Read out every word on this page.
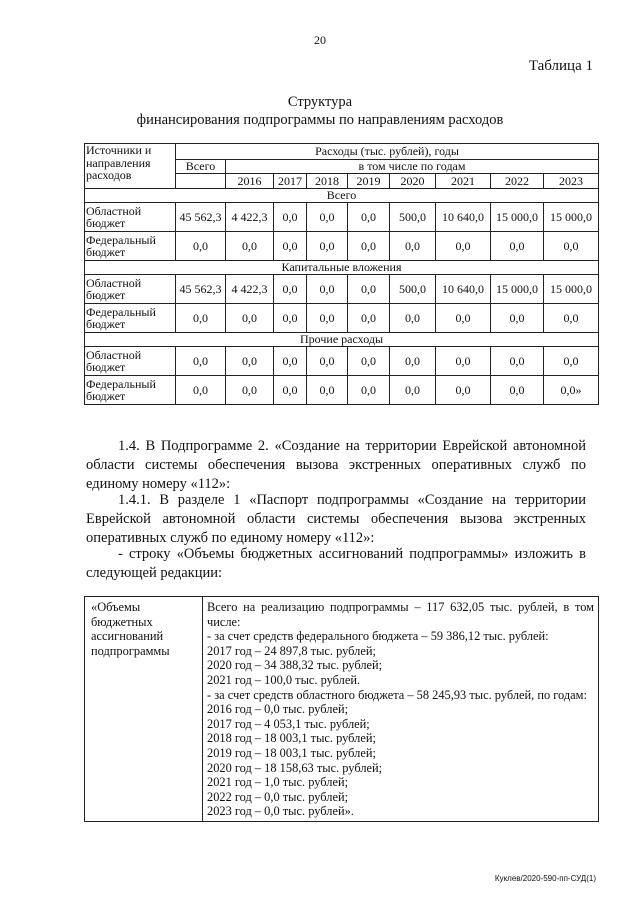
20
Таблица 1
Структура
финансирования подпрограммы по направлениям расходов
Источники и направления расходов	Расходы (тыс. рублей), годы								
	Всего	в том числе по годам							
		2016	2017	2018	2019	2020	2021	2022	2023
Всего									
Областной бюджет	45 562,3	4 422,3	0,0	0,0	0,0	500,0	10 640,0	15 000,0	15 000,0
Федеральный бюджет	0,0	0,0	0,0	0,0	0,0	0,0	0,0	0,0	0,0
Капитальные вложения									
Областной бюджет	45 562,3	4 422,3	0,0	0,0	0,0	500,0	10 640,0	15 000,0	15 000,0
Федеральный бюджет	0,0	0,0	0,0	0,0	0,0	0,0	0,0	0,0	0,0
Прочие расходы									
Областной бюджет	0,0	0,0	0,0	0,0	0,0	0,0	0,0	0,0	0,0
Федеральный бюджет	0,0	0,0	0,0	0,0	0,0	0,0	0,0	0,0	0,0»
1.4. В Подпрограмме 2. «Создание на территории Еврейской автономной области системы обеспечения вызова экстренных оперативных служб по единому номеру «112»:
1.4.1. В разделе 1 «Паспорт подпрограммы «Создание на территории Еврейской автономной области системы обеспечения вызова экстренных оперативных служб по единому номеру «112»:
- строку «Объемы бюджетных ассигнований подпрограммы» изложить в следующей редакции:
«Объемы бюджетных ассигнований подпрограммы	
Всего на реализацию подпрограммы – 117 632,05 тыс. рублей, в том числе:
- за счет средств федерального бюджета – 59 386,12 тыс. рублей:
2017 год – 24 897,8 тыс. рублей;
2020 год – 34 388,32 тыс. рублей;
2021 год – 100,0 тыс. рублей.
- за счет средств областного бюджета – 58 245,93 тыс. рублей, по годам:
2016 год – 0,0 тыс. рублей;
2017 год – 4 053,1 тыс. рублей;
2018 год – 18 003,1 тыс. рублей;
2019 год – 18 003,1 тыс. рублей;
2020 год – 18 158,63 тыс. рублей;
2021 год – 1,0 тыс. рублей;
2022 год – 0,0 тыс. рублей;
2023 год – 0,0 тыс. рублей».
Куклев/2020-590-пп-СУД(1)
